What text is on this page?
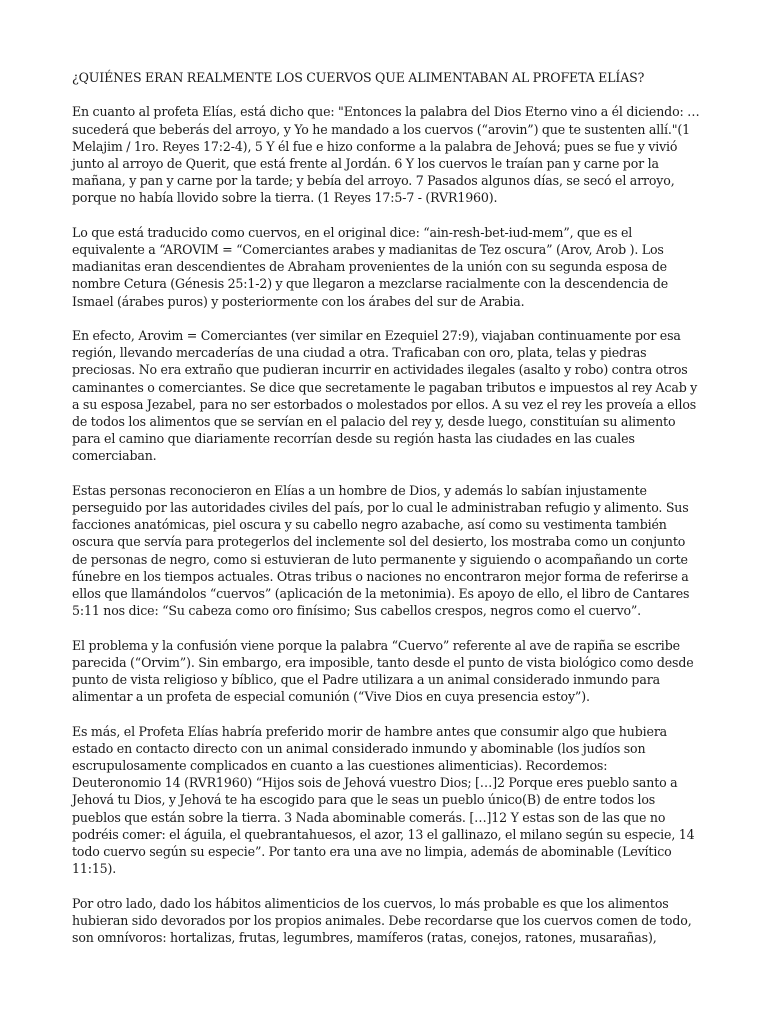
¿QUIÉNES ERAN REALMENTE LOS CUERVOS QUE ALIMENTABAN AL PROFETA ELÍAS?

En cuanto al profeta Elías, está dicho que: "Entonces la palabra del Dios Eterno vino a él diciendo: … sucederá que beberás del arroyo, y Yo he mandado a los cuervos (“arovin”) que te sustenten allí."(1 Melajim / 1ro. Reyes 17:2-4), 5 Y él fue e hizo conforme a la palabra de Jehová; pues se fue y vivió junto al arroyo de Querit, que está frente al Jordán. 6 Y los cuervos le traían pan y carne por la mañana, y pan y carne por la tarde; y bebía del arroyo. 7 Pasados algunos días, se secó el arroyo, porque no había llovido sobre la tierra. (1 Reyes 17:5-7 - (RVR1960).

Lo que está traducido como cuervos, en el original dice: “ain-resh-bet-iud-mem”, que es el equivalente a “AROVIM = “Comerciantes arabes y madianitas de Tez oscura” (Arov, Arob ). Los madianitas eran descendientes de Abraham provenientes de la unión con su segunda esposa de nombre Cetura (Génesis 25:1-2) y que llegaron a mezclarse racialmente con la descendencia de Ismael (árabes puros) y posteriormente con los árabes del sur de Arabia.

En efecto, Arovim = Comerciantes (ver similar en Ezequiel 27:9), viajaban continuamente por esa región, llevando mercaderías de una ciudad a otra. Traficaban con oro, plata, telas y piedras preciosas. No era extraño que pudieran incurrir en actividades ilegales (asalto y robo) contra otros caminantes o comerciantes. Se dice que secretamente le pagaban tributos e impuestos al rey Acab y a su esposa Jezabel, para no ser estorbados o molestados por ellos. A su vez el rey les proveía a ellos de todos los alimentos que se servían en el palacio del rey y, desde luego, constituían su alimento para el camino que diariamente recorrían desde su región hasta las ciudades en las cuales comerciaban.

Estas personas reconocieron en Elías a un hombre de Dios, y además lo sabían injustamente perseguido por las autoridades civiles del país, por lo cual le administraban refugio y alimento. Sus facciones anatómicas, piel oscura y su cabello negro azabache, así como su vestimenta también oscura que servía para protegerlos del inclemente sol del desierto, los mostraba como un conjunto de personas de negro, como si estuvieran de luto permanente y siguiendo o acompañando un corte fúnebre en los tiempos actuales. Otras tribus o naciones no encontraron mejor forma de referirse a ellos que llamándolos “cuervos” (aplicación de la metonimia). Es apoyo de ello, el libro de Cantares 5:11 nos dice: “Su cabeza como oro finísimo; Sus cabellos crespos, negros como el cuervo”.

El problema y la confusión viene porque la palabra “Cuervo” referente al ave de rapiña se escribe parecida (“Orvim”). Sin embargo, era imposible, tanto desde el punto de vista biológico como desde punto de vista religioso y bíblico, que el Padre utilizara a un animal considerado inmundo para alimentar a un profeta de especial comunión (“Vive Dios en cuya presencia estoy”).

Es más, el Profeta Elías habría preferido morir de hambre antes que consumir algo que hubiera estado en contacto directo con un animal considerado inmundo y abominable (los judíos son escrupulosamente complicados en cuanto a las cuestiones alimenticias). Recordemos: Deuteronomio 14 (RVR1960) “Hijos sois de Jehová vuestro Dios; […]2 Porque eres pueblo santo a Jehová tu Dios, y Jehová te ha escogido para que le seas un pueblo único(B) de entre todos los pueblos que están sobre la tierra. 3 Nada abominable comerás. […]12 Y estas son de las que no podréis comer: el águila, el quebrantahuesos, el azor, 13 el gallinazo, el milano según su especie, 14 todo cuervo según su especie”. Por tanto era una ave no limpia, además de abominable (Levítico 11:15).

Por otro lado, dado los hábitos alimenticios de los cuervos, lo más probable es que los alimentos hubieran sido devorados por los propios animales. Debe recordarse que los cuervos comen de todo, son omnívoros: hortalizas, frutas, legumbres, mamíferos (ratas, conejos, ratones, musarañas),
